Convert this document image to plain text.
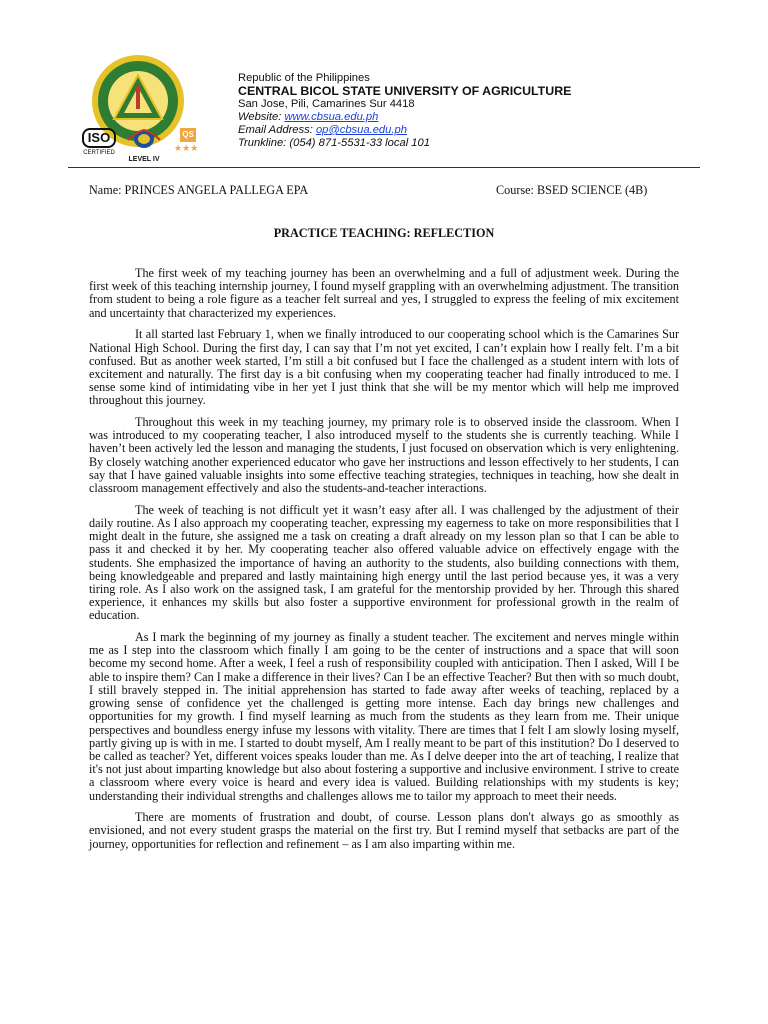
ISO
CERTIFIED
LEVEL IV
QS
★★★
Republic of the Philippines
CENTRAL BICOL STATE UNIVERSITY OF AGRICULTURE
San Jose, Pili, Camarines Sur 4418
Website: www.cbsua.edu.ph
Email Address: op@cbsua.edu.ph
Trunkline: (054) 871-5531-33 local 101
Name: PRINCES ANGELA PALLEGA EPA	Course: BSED SCIENCE (4B)
PRACTICE TEACHING: REFLECTION

The first week of my teaching journey has been an overwhelming and a full of adjustment week. During the first week of this teaching internship journey, I found myself grappling with an overwhelming adjustment. The transition from student to being a role figure as a teacher felt surreal and yes, I struggled to express the feeling of mix excitement and uncertainty that characterized my experiences.

It all started last February 1, when we finally introduced to our cooperating school which is the Camarines Sur National High School. During the first day, I can say that I’m not yet excited, I can’t explain how I really felt. I’m a bit confused. But as another week started, I’m still a bit confused but I face the challenged as a student intern with lots of excitement and naturally. The first day is a bit confusing when my cooperating teacher had finally introduced to me. I sense some kind of intimidating vibe in her yet I just think that she will be my mentor which will help me improved throughout this journey.

Throughout this week in my teaching journey, my primary role is to observed inside the classroom. When I was introduced to my cooperating teacher, I also introduced myself to the students she is currently teaching. While I haven’t been actively led the lesson and managing the students, I just focused on observation which is very enlightening. By closely watching another experienced educator who gave her instructions and lesson effectively to her students, I can say that I have gained valuable insights into some effective teaching strategies, techniques in teaching, how she dealt in classroom management effectively and also the students-and-teacher interactions.

The week of teaching is not difficult yet it wasn’t easy after all. I was challenged by the adjustment of their daily routine. As I also approach my cooperating teacher, expressing my eagerness to take on more responsibilities that I might dealt in the future, she assigned me a task on creating a draft already on my lesson plan so that I can be able to pass it and checked it by her. My cooperating teacher also offered valuable advice on effectively engage with the students. She emphasized the importance of having an authority to the students, also building connections with them, being knowledgeable and prepared and lastly maintaining high energy until the last period because yes, it was a very tiring role. As I also work on the assigned task, I am grateful for the mentorship provided by her. Through this shared experience, it enhances my skills but also foster a supportive environment for professional growth in the realm of education.

As I mark the beginning of my journey as finally a student teacher. The excitement and nerves mingle within me as I step into the classroom which finally I am going to be the center of instructions and a space that will soon become my second home. After a week, I feel a rush of responsibility coupled with anticipation. Then I asked, Will I be able to inspire them? Can I make a difference in their lives? Can I be an effective Teacher? But then with so much doubt, I still bravely stepped in. The initial apprehension has started to fade away after weeks of teaching, replaced by a growing sense of confidence yet the challenged is getting more intense. Each day brings new challenges and opportunities for my growth. I find myself learning as much from the students as they learn from me. Their unique perspectives and boundless energy infuse my lessons with vitality. There are times that I felt I am slowly losing myself, partly giving up is with in me. I started to doubt myself, Am I really meant to be part of this institution? Do I deserved to be called as teacher? Yet, different voices speaks louder than me. As I delve deeper into the art of teaching, I realize that it's not just about imparting knowledge but also about fostering a supportive and inclusive environment. I strive to create a classroom where every voice is heard and every idea is valued. Building relationships with my students is key; understanding their individual strengths and challenges allows me to tailor my approach to meet their needs.

There are moments of frustration and doubt, of course. Lesson plans don't always go as smoothly as envisioned, and not every student grasps the material on the first try. But I remind myself that setbacks are part of the journey, opportunities for reflection and refinement – as I am also imparting within me.
